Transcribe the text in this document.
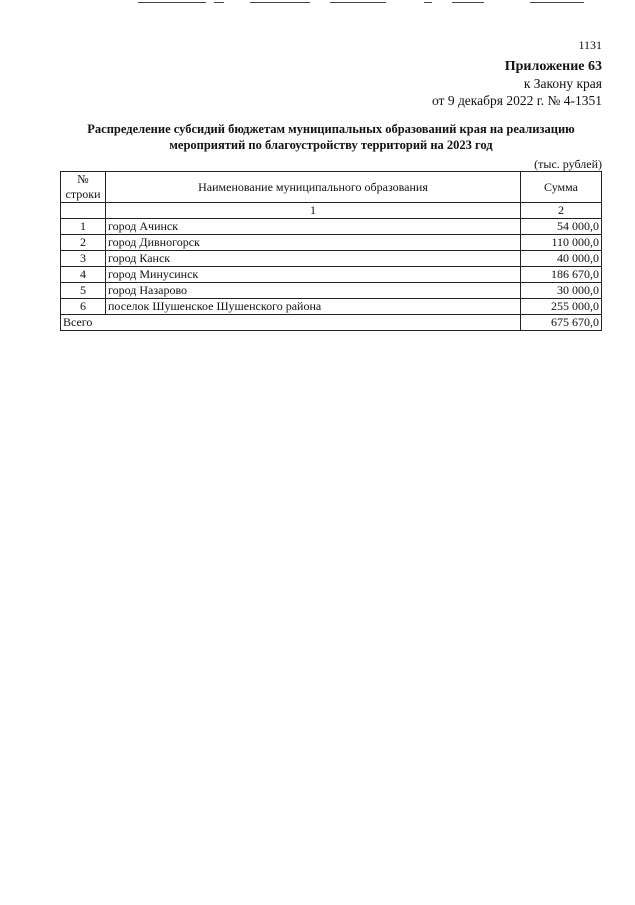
1131
Приложение 63
к Закону края
от 9 декабря 2022 г. № 4-1351
Распределение субсидий бюджетам муниципальных образований края на реализацию
мероприятий по благоустройству территорий на 2023 год
(тыс. рублей)
№
строки	Наименование муниципального образования	Сумма
	1	2
1	город Ачинск	54 000,0
2	город Дивногорск	110 000,0
3	город Канск	40 000,0
4	город Минусинск	186 670,0
5	город Назарово	30 000,0
6	поселок Шушенское Шушенского района	255 000,0
Всего		675 670,0
